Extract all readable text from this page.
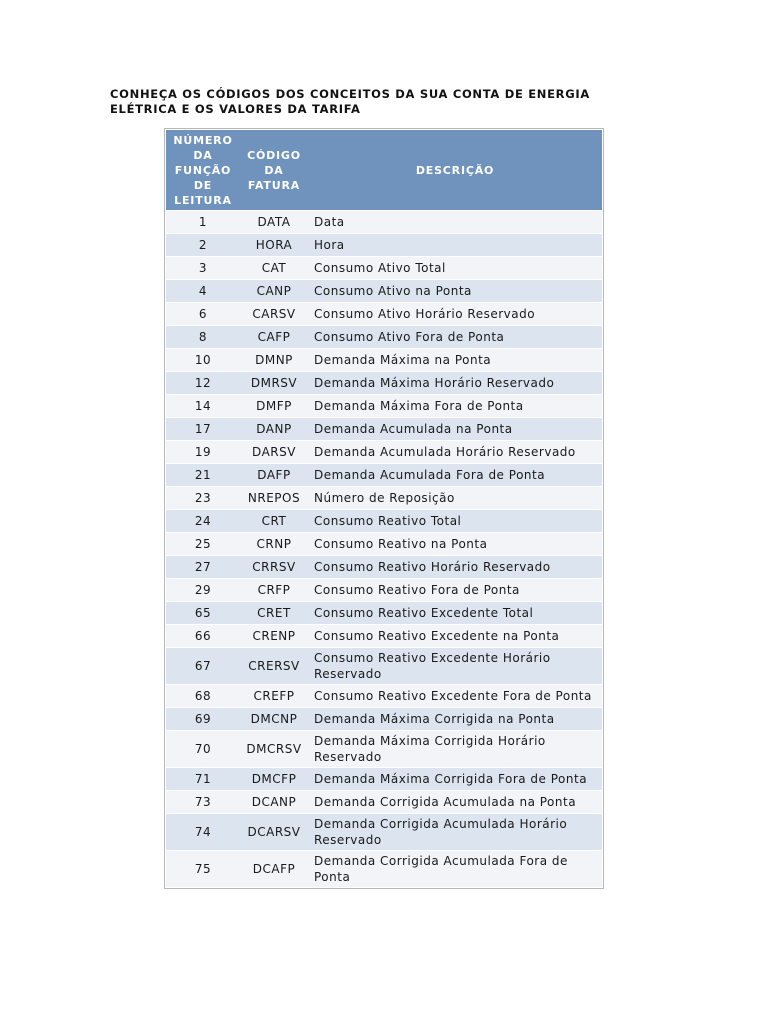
CONHEÇA OS CÓDIGOS DOS CONCEITOS DA SUA CONTA DE ENERGIA ELÉTRICA E OS VALORES DA TARIFA
NÚMERO DA FUNÇÃO DE LEITURA	CÓDIGO DA FATURA	DESCRIÇÃO
1	DATA	Data
2	HORA	Hora
3	CAT	Consumo Ativo Total
4	CANP	Consumo Ativo na Ponta
6	CARSV	Consumo Ativo Horário Reservado
8	CAFP	Consumo Ativo Fora de Ponta
10	DMNP	Demanda Máxima na Ponta
12	DMRSV	Demanda Máxima Horário Reservado
14	DMFP	Demanda Máxima Fora de Ponta
17	DANP	Demanda Acumulada na Ponta
19	DARSV	Demanda Acumulada Horário Reservado
21	DAFP	Demanda Acumulada Fora de Ponta
23	NREPOS	Número de Reposição
24	CRT	Consumo Reativo Total
25	CRNP	Consumo Reativo na Ponta
27	CRRSV	Consumo Reativo Horário Reservado
29	CRFP	Consumo Reativo Fora de Ponta
65	CRET	Consumo Reativo Excedente Total
66	CRENP	Consumo Reativo Excedente na Ponta
67	CRERSV	Consumo Reativo Excedente Horário Reservado
68	CREFP	Consumo Reativo Excedente Fora de Ponta
69	DMCNP	Demanda Máxima Corrigida na Ponta
70	DMCRSV	Demanda Máxima Corrigida Horário Reservado
71	DMCFP	Demanda Máxima Corrigida Fora de Ponta
73	DCANP	Demanda Corrigida Acumulada na Ponta
74	DCARSV	Demanda Corrigida Acumulada Horário Reservado
75	DCAFP	Demanda Corrigida Acumulada Fora de Ponta
